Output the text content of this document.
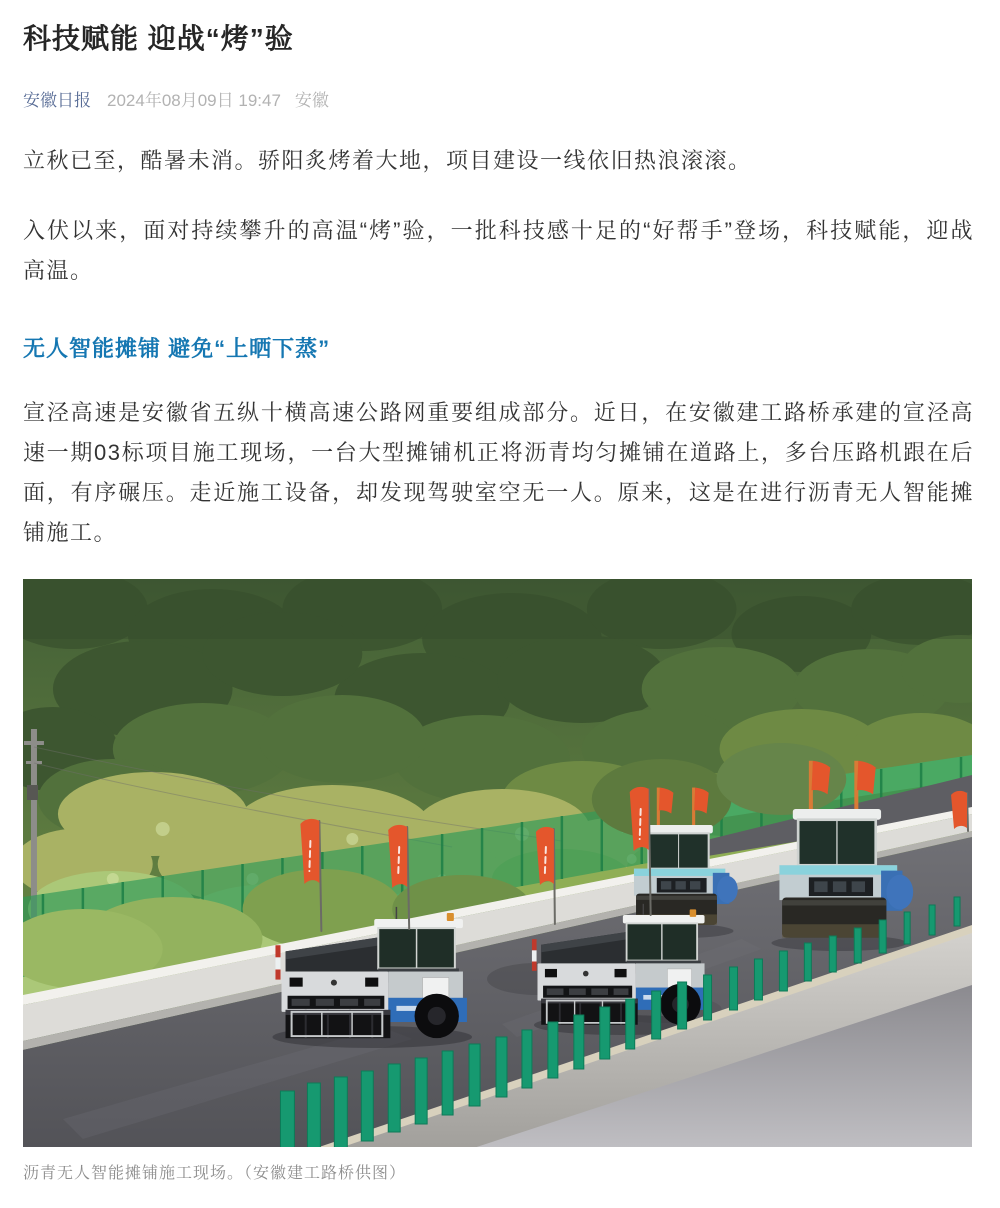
科技赋能 迎战“烤”验
安徽日报 2024年08月09日 19:47 安徽

立秋已至，酷暑未消。骄阳炙烤着大地，项目建设一线依旧热浪滚滚。

入伏以来，面对持续攀升的高温“烤”验，一批科技感十足的“好帮手”登场，科技赋能，迎战高温。

无人智能摊铺 避免“上晒下蒸”

宣泾高速是安徽省五纵十横高速公路网重要组成部分。近日，在安徽建工路桥承建的宣泾高速一期03标项目施工现场，一台大型摊铺机正将沥青均匀摊铺在道路上，多台压路机跟在后面，有序碾压。走近施工设备，却发现驾驶室空无一人。原来，这是在进行沥青无人智能摊铺施工。

沥青无人智能摊铺施工现场。（安徽建工路桥供图）
